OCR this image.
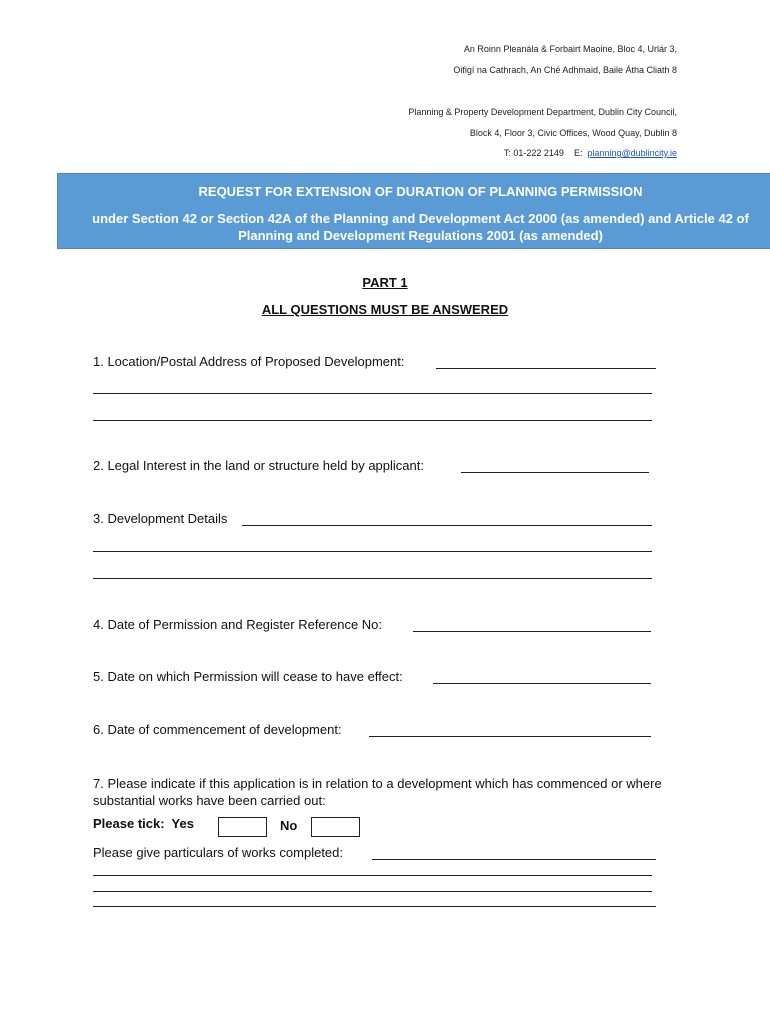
An Roinn Pleanála & Forbairt Maoine, Bloc 4, Urlár 3,
Oifigí na Cathrach, An Ché Adhmaid, Baile Átha Cliath 8
Planning & Property Development Department, Dublin City Council,
Block 4, Floor 3, Civic Offices, Wood Quay, Dublin 8
T: 01-222 2149 E: planning@dublincity.ie
REQUEST FOR EXTENSION OF DURATION OF PLANNING PERMISSION
under Section 42 or Section 42A of the Planning and Development Act 2000 (as amended) and Article 42 of Planning and Development Regulations 2001 (as amended)
PART 1
ALL QUESTIONS MUST BE ANSWERED
1. Location/Postal Address of Proposed Development:
2. Legal Interest in the land or structure held by applicant:
3. Development Details
4. Date of Permission and Register Reference No:
5. Date on which Permission will cease to have effect:
6. Date of commencement of development:
7. Please indicate if this application is in relation to a development which has commenced or where substantial works have been carried out:
Please tick: Yes	No
Please give particulars of works completed:
